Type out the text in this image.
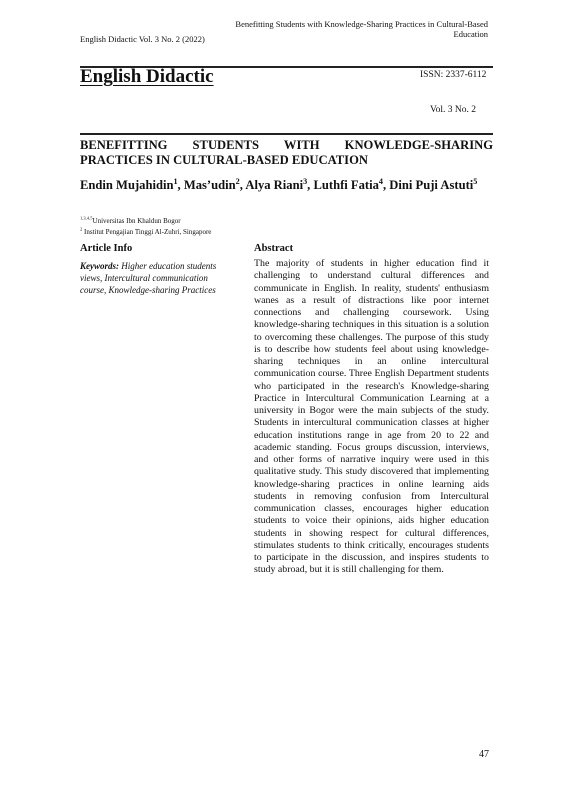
Benefitting Students with Knowledge-Sharing Practices in Cultural-Based Education
English Didactic Vol. 3 No. 2 (2022)
English Didactic	ISSN: 2337-6112
Vol. 3 No. 2
BENEFITTING STUDENTS WITH KNOWLEDGE-SHARING PRACTICES IN CULTURAL-BASED EDUCATION
Endin Mujahidin$^1$, Mas’udin$^2$, Alya Riani$^3$, Luthfi Fatia$^4$, Dini Puji Astuti$^5$
$^{1,3,4,5}$Universitas Ibn Khaldun Bogor
$^2$ Institut Pengajian Tinggi Al-Zuhri, Singapore
Article Info
Keywords: Higher education students views, Intercultural communication course, Knowledge-sharing Practices
Abstract
The majority of students in higher education find it challenging to understand cultural differences and communicate in English. In reality, students' enthusiasm wanes as a result of distractions like poor internet connections and challenging coursework. Using knowledge-sharing techniques in this situation is a solution to overcoming these challenges. The purpose of this study is to describe how students feel about using knowledge-sharing techniques in an online intercultural communication course. Three English Department students who participated in the research's Knowledge-sharing Practice in Intercultural Communication Learning at a university in Bogor were the main subjects of the study. Students in intercultural communication classes at higher education institutions range in age from 20 to 22 and academic standing. Focus groups discussion, interviews, and other forms of narrative inquiry were used in this qualitative study. This study discovered that implementing knowledge-sharing practices in online learning aids students in removing confusion from Intercultural communication classes, encourages higher education students to voice their opinions, aids higher education students in showing respect for cultural differences, stimulates students to think critically, encourages students to participate in the discussion, and inspires students to study abroad, but it is still challenging for them.
47
